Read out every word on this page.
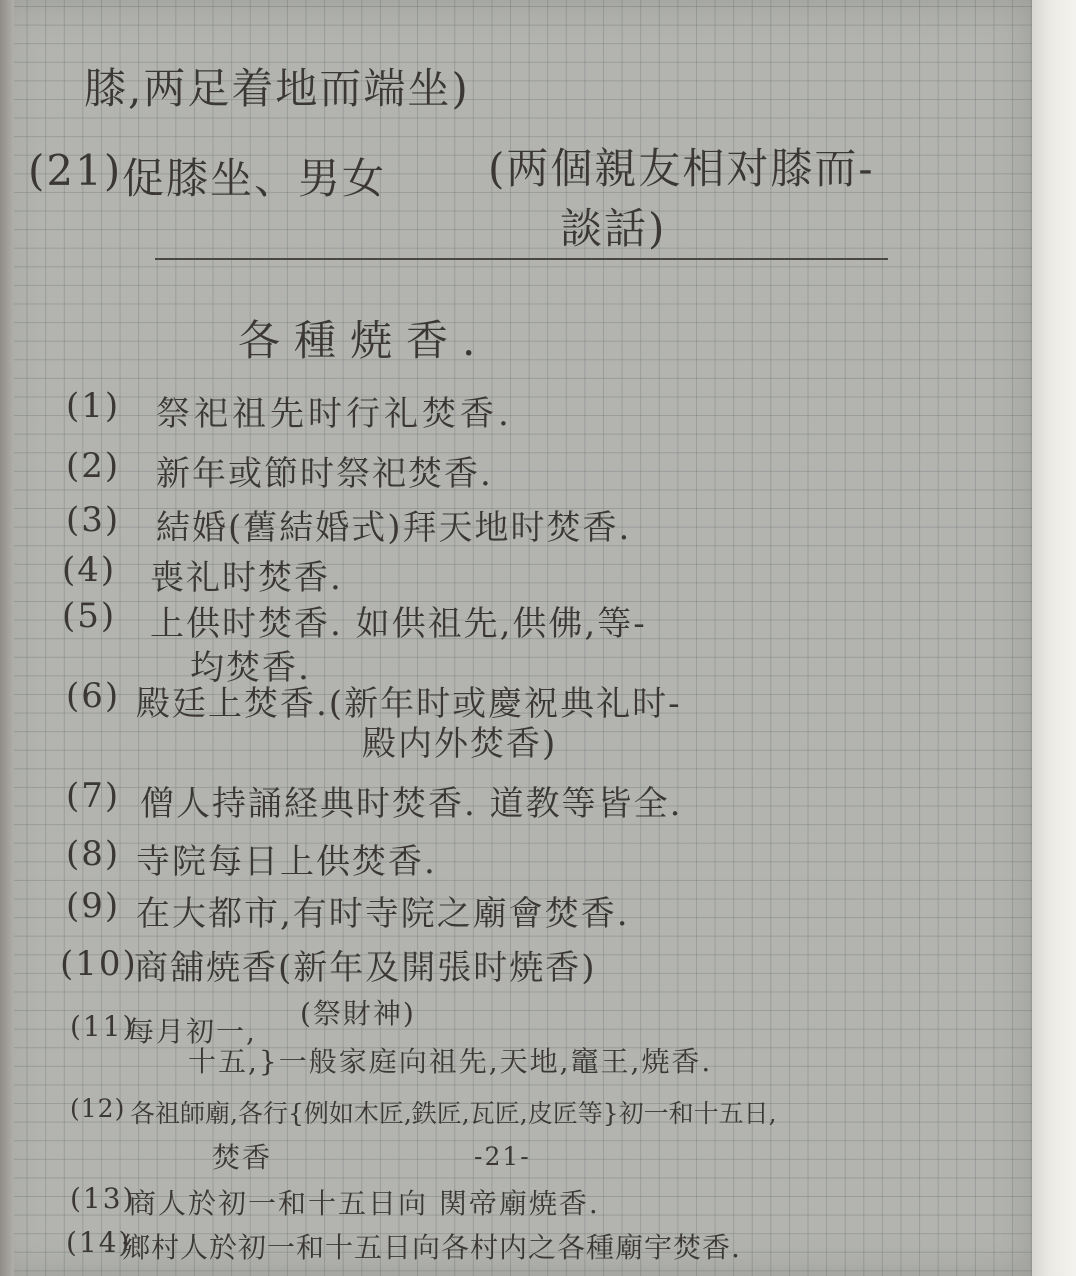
膝,两足着地而端坐)
(21) 促膝坐、男女 (两個親友相对膝而-
談話)
各種焼香.
(1) 祭祀祖先时行礼焚香.
(2) 新年或節时祭祀焚香.
(3) 結婚(舊結婚式)拜天地时焚香.
(4) 喪礼时焚香.
(5) 上供时焚香. 如供祖先,供佛,等-
均焚香.
(6) 殿廷上焚香.(新年时或慶祝典礼时-
殿内外焚香)
(7) 僧人持誦経典时焚香. 道教等皆全.
(8) 寺院每日上供焚香.
(9) 在大都市,有时寺院之廟會焚香.
(10)
商舖焼香(新年及開張时焼香)
(祭財神)
(11)
每月初一,
十五,}一般家庭向祖先,天地,竈王,焼香.
(12) 各祖師廟,各行{例如木匠,鉄匠,瓦匠,皮匠等}初一和十五日,
焚香	-21-
(13)
商人於初一和十五日向 関帝廟焼香.
(14)
鄉村人於初一和十五日向各村内之各種廟宇焚香.
